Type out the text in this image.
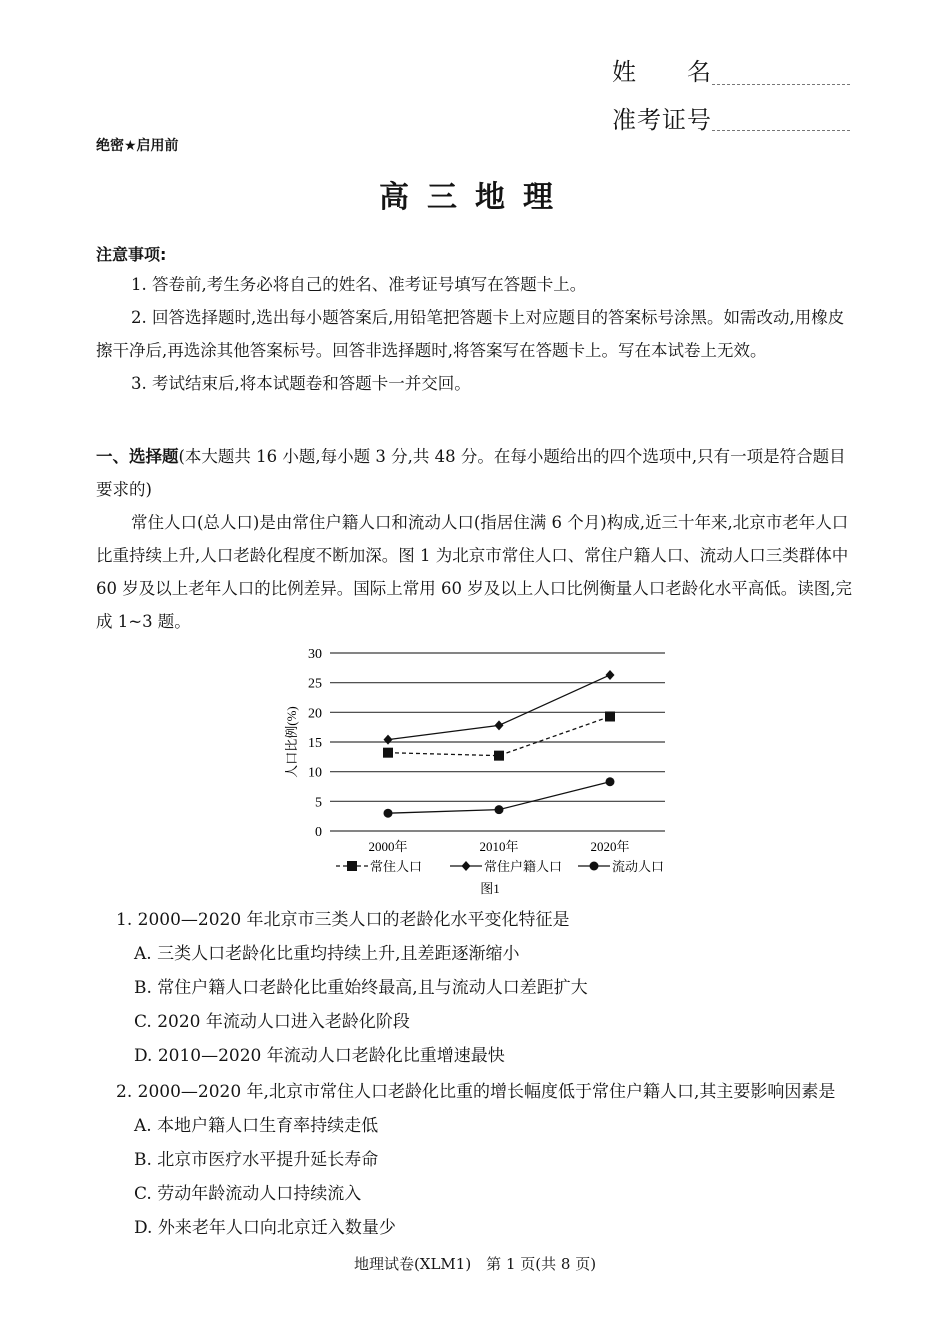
姓　　名
准考证号
绝密★启用前
高三地理
注意事项:

1. 答卷前,考生务必将自己的姓名、准考证号填写在答题卡上。

2. 回答选择题时,选出每小题答案后,用铅笔把答题卡上对应题目的答案标号涂黑。如需改动,用橡皮擦干净后,再选涂其他答案标号。回答非选择题时,将答案写在答题卡上。写在本试卷上无效。

3. 考试结束后,将本试题卷和答题卡一并交回。

一、选择题(本大题共 16 小题,每小题 3 分,共 48 分。在每小题给出的四个选项中,只有一项是符合题目要求的)

常住人口(总人口)是由常住户籍人口和流动人口(指居住满 6 个月)构成,近三十年来,北京市老年人口比重持续上升,人口老龄化程度不断加深。图 1 为北京市常住人口、常住户籍人口、流动人口三类群体中 60 岁及以上老年人口的比例差异。国际上常用 60 岁及以上人口比例衡量人口老龄化水平高低。读图,完成 1~3 题。

0
5
10
15
20
25
30
人口比例(%)
2000年	2010年	2020年
常住人口	常住户籍人口	流动人口
图1
1. 2000—2020 年北京市三类人口的老龄化水平变化特征是
A. 三类人口老龄化比重均持续上升,且差距逐渐缩小
B. 常住户籍人口老龄化比重始终最高,且与流动人口差距扩大
C. 2020 年流动人口进入老龄化阶段
D. 2010—2020 年流动人口老龄化比重增速最快
2. 2000—2020 年,北京市常住人口老龄化比重的增长幅度低于常住户籍人口,其主要影响因素是
A. 本地户籍人口生育率持续走低
B. 北京市医疗水平提升延长寿命
C. 劳动年龄流动人口持续流入
D. 外来老年人口向北京迁入数量少
地理试卷(XLM1)　第 1 页(共 8 页)
